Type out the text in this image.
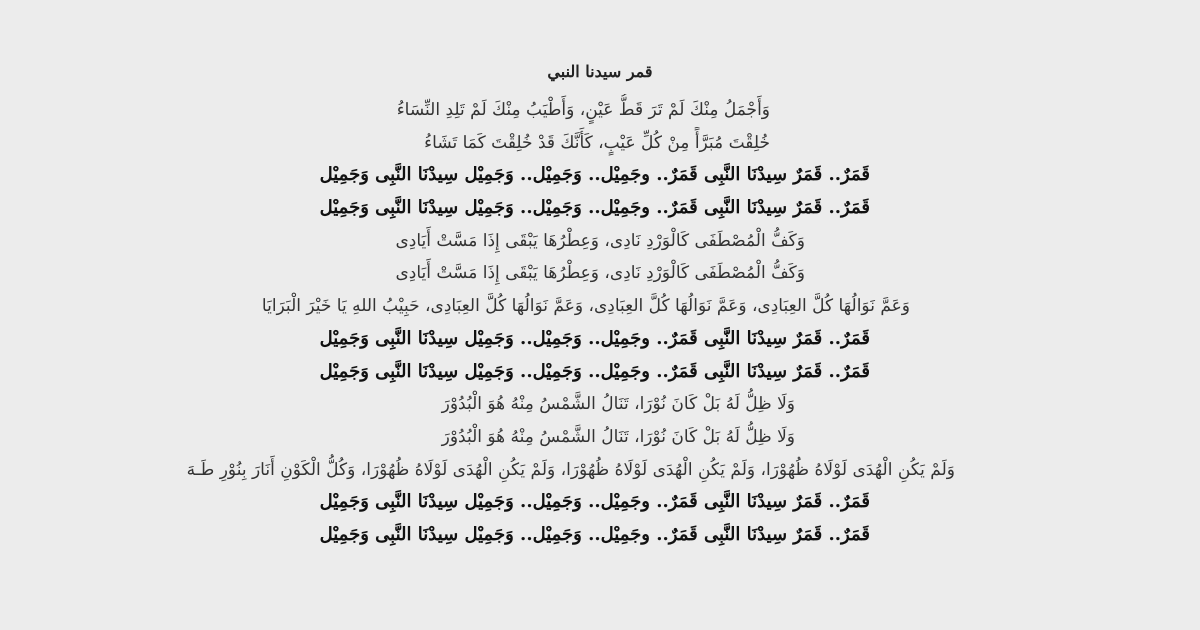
قمر سيدنا النبي
وَأَجْمَلُ مِنْكَ لَمْ تَرَ قَطُّ عَيْنٍ، وَأَطْيَبُ مِنْكَ لَمْ تَلِدِ النِّسَاءُ
خُلِقْتَ مُبَرَّأً مِنْ كُلِّ عَيْبٍ، كَأَنَّكَ قَدْ خُلِقْتَ كَمَا تَشَاءُ
قَمَرٌ.. قَمَرٌ سِيدْنَا النَّبِى قَمَرٌ.. وجَمِيْل.. وَجَمِيْل.. وَجَمِيْل سِيدْنَا النَّبِى وَجَمِيْل
قَمَرٌ.. قَمَرٌ سِيدْنَا النَّبِى قَمَرٌ.. وجَمِيْل.. وَجَمِيْل.. وَجَمِيْل سِيدْنَا النَّبِى وَجَمِيْل
وَكَفُّ الْمُصْطَفَى كَالْوَرْدِ نَادِى، وَعِطْرُهَا يَبْقَى إِذَا مَسَّتْ أَيَادِى
وَكَفُّ الْمُصْطَفَى كَالْوَرْدِ نَادِى، وَعِطْرُهَا يَبْقَى إِذَا مَسَّتْ أَيَادِى
وَعَمَّ نَوَالُهَا كُلَّ العِبَادِى، وَعَمَّ نَوَالُهَا كُلَّ العِبَادِى، وَعَمَّ نَوَالُهَا كُلَّ العِبَادِى، حَبِيْبُ اللهِ يَا خَيْرَ الْبَرَايَا
قَمَرٌ.. قَمَرٌ سِيدْنَا النَّبِى قَمَرٌ.. وجَمِيْل.. وَجَمِيْل.. وَجَمِيْل سِيدْنَا النَّبِى وَجَمِيْل
قَمَرٌ.. قَمَرٌ سِيدْنَا النَّبِى قَمَرٌ.. وجَمِيْل.. وَجَمِيْل.. وَجَمِيْل سِيدْنَا النَّبِى وَجَمِيْل
وَلَا ظِلُّ لَهُ بَلْ كَانَ نُوْرَا، تَنَالُ الشَّمْسُ مِنْهُ هُوَ الْبُدُوْرَ
وَلَا ظِلُّ لَهُ بَلْ كَانَ نُوْرَا، تَنَالُ الشَّمْسُ مِنْهُ هُوَ الْبُدُوْرَ
وَلَمْ يَكُنِ الْهُدَى لَوْلَاهُ ظُهُوْرَا، وَلَمْ يَكُنِ الْهُدَى لَوْلَاهُ ظُهُوْرَا، وَلَمْ يَكُنِ الْهُدَى لَوْلَاهُ ظُهُوْرَا، وَكُلُّ الْكَوْنِ أَنَارَ بِنُوْرِ طَـهَ
قَمَرٌ.. قَمَرٌ سِيدْنَا النَّبِى قَمَرٌ.. وجَمِيْل.. وَجَمِيْل.. وَجَمِيْل سِيدْنَا النَّبِى وَجَمِيْل
قَمَرٌ.. قَمَرٌ سِيدْنَا النَّبِى قَمَرٌ.. وجَمِيْل.. وَجَمِيْل.. وَجَمِيْل سِيدْنَا النَّبِى وَجَمِيْل
